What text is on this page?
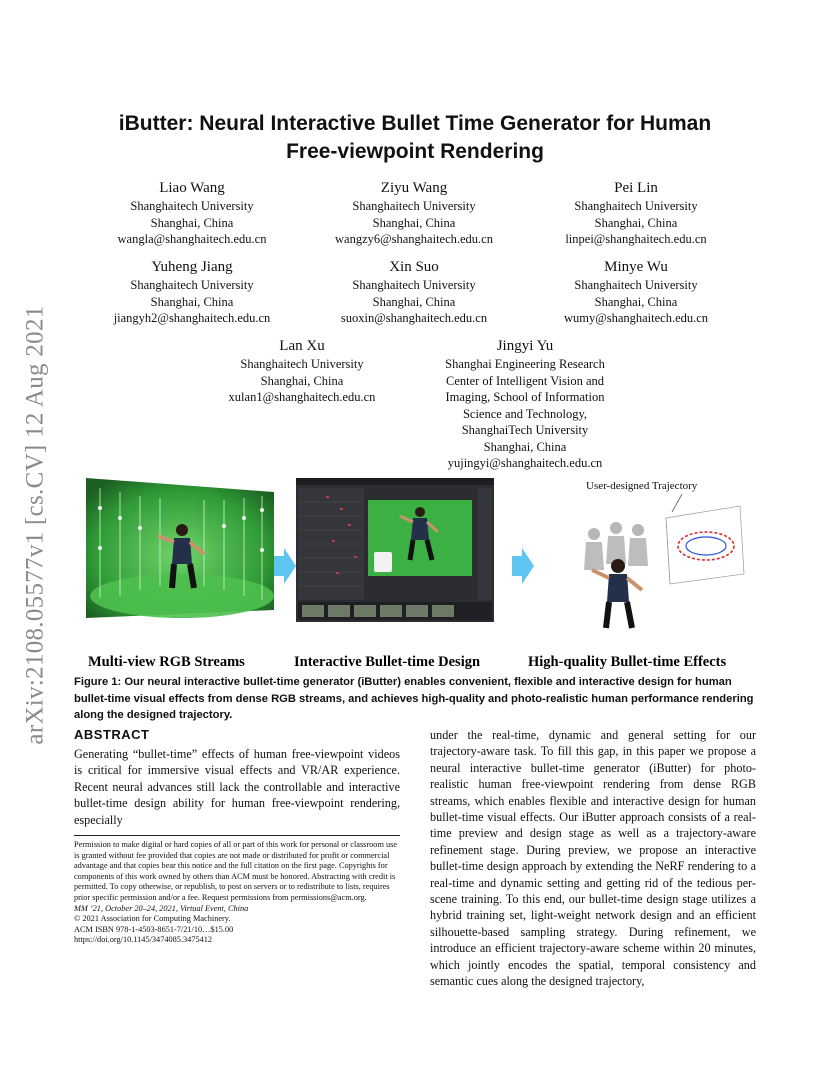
arXiv:2108.05577v1 [cs.CV] 12 Aug 2021
iButter: Neural Interactive Bullet Time Generator for Human
Free-viewpoint Rendering
Liao Wang
Shanghaitech University
Shanghai, China
wangla@shanghaitech.edu.cn
Ziyu Wang
Shanghaitech University
Shanghai, China
wangzy6@shanghaitech.edu.cn
Pei Lin
Shanghaitech University
Shanghai, China
linpei@shanghaitech.edu.cn
Yuheng Jiang
Shanghaitech University
Shanghai, China
jiangyh2@shanghaitech.edu.cn
Xin Suo
Shanghaitech University
Shanghai, China
suoxin@shanghaitech.edu.cn
Minye Wu
Shanghaitech University
Shanghai, China
wumy@shanghaitech.edu.cn
Lan Xu
Shanghaitech University
Shanghai, China
xulan1@shanghaitech.edu.cn
Jingyi Yu
Shanghai Engineering Research
Center of Intelligent Vision and
Imaging, School of Information
Science and Technology,
ShanghaiTech University
Shanghai, China
yujingyi@shanghaitech.edu.cn
User-designed Trajectory
Multi-view RGB Streams	Interactive Bullet-time Design	High-quality Bullet-time Effects
Figure 1: Our neural interactive bullet-time generator (iButter) enables convenient, flexible and interactive design for human bullet-time visual effects from dense RGB streams, and achieves high-quality and photo-realistic human performance rendering along the designed trajectory.
ABSTRACT
Generating “bullet-time” effects of human free-viewpoint videos is critical for immersive visual effects and VR/AR experience. Recent neural advances still lack the controllable and interactive bullet-time design ability for human free-viewpoint rendering, especially
under the real-time, dynamic and general setting for our trajectory-aware task. To fill this gap, in this paper we propose a neural interactive bullet-time generator (iButter) for photo-realistic human free-viewpoint rendering from dense RGB streams, which enables flexible and interactive design for human bullet-time visual effects. Our iButter approach consists of a real-time preview and design stage as well as a trajectory-aware refinement stage. During preview, we propose an interactive bullet-time design approach by extending the NeRF rendering to a real-time and dynamic setting and getting rid of the tedious per-scene training. To this end, our bullet-time design stage utilizes a hybrid training set, light-weight network design and an efficient silhouette-based sampling strategy. During refinement, we introduce an efficient trajectory-aware scheme within 20 minutes, which jointly encodes the spatial, temporal consistency and semantic cues along the designed trajectory,

Permission to make digital or hard copies of all or part of this work for personal or classroom use is granted without fee provided that copies are not made or distributed for profit or commercial advantage and that copies bear this notice and the full citation on the first page. Copyrights for components of this work owned by others than ACM must be honored. Abstracting with credit is permitted. To copy otherwise, or republish, to post on servers or to redistribute to lists, requires prior specific permission and/or a fee. Request permissions from permissions@acm.org.

MM ’21, October 20–24, 2021, Virtual Event, China

© 2021 Association for Computing Machinery.

ACM ISBN 978-1-4503-8651-7/21/10…$15.00

https://doi.org/10.1145/3474085.3475412
